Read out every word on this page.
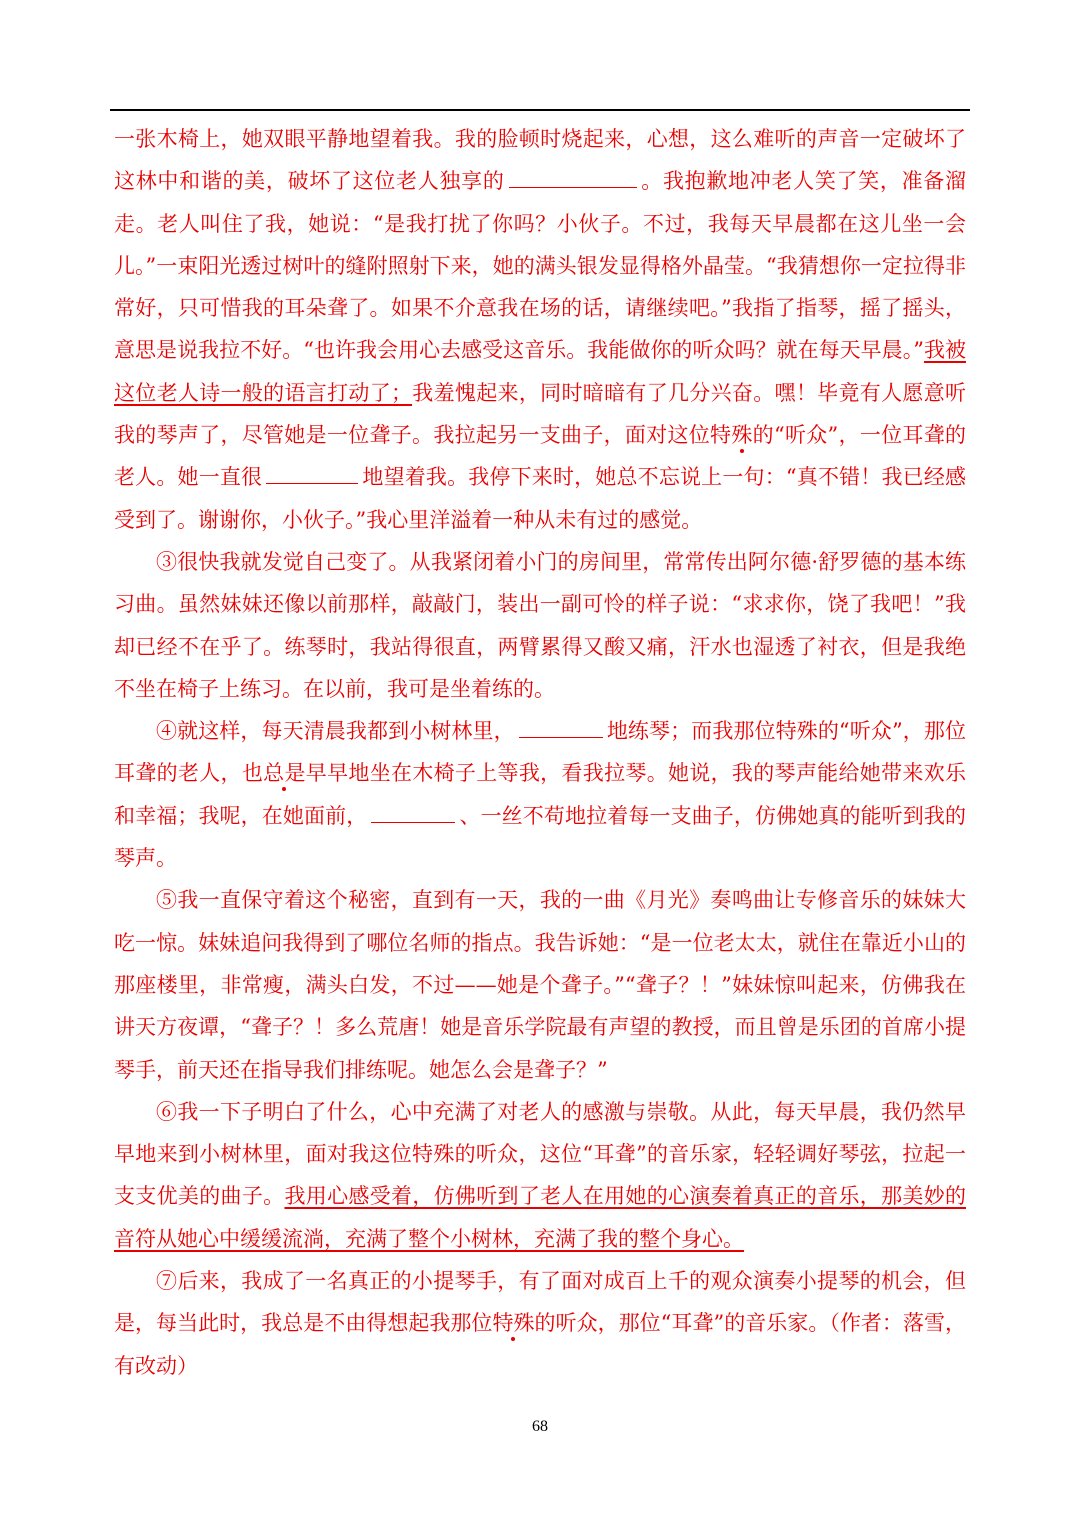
一张木椅上，她双眼平静地望着我。我的脸顿时烧起来，心想，这么难听的声音一定破坏了这林中和谐的美，破坏了这位老人独享的	。我抱歉地冲老人笑了笑，准备溜走。老人叫住了我，她说：“是我打扰了你吗？小伙子。不过，我每天早晨都在这儿坐一会儿。”一束阳光透过树叶的缝附照射下来，她的满头银发显得格外晶莹。“我猜想你一定拉得非常好，只可惜我的耳朵聋了。如果不介意我在场的话，请继续吧。”我指了指琴，摇了摇头，意思是说我拉不好。“也许我会用心去感受这音乐。我能做你的听众吗？就在每天早晨。”我被这位老人诗一般的语言打动了；我羞愧起来，同时暗暗有了几分兴奋。嘿！毕竟有人愿意听我的琴声了，尽管她是一位聋子。我拉起另一支曲子，面对这位特殊的“听众”，一位耳聋的老人。她一直很	地望着我。我停下来时，她总不忘说上一句：“真不错！我已经感受到了。谢谢你，小伙子。”我心里洋溢着一种从未有过的感觉。

③很快我就发觉自己变了。从我紧闭着小门的房间里，常常传出阿尔德·舒罗德的基本练习曲。虽然妹妹还像以前那样，敲敲门，装出一副可怜的样子说：“求求你，饶了我吧！”我却已经不在乎了。练琴时，我站得很直，两臂累得又酸又痛，汗水也湿透了衬衣，但是我绝不坐在椅子上练习。在以前，我可是坐着练的。

④就这样，每天清晨我都到小树林里，	地练琴；而我那位特殊的“听众”，那位耳聋的老人，也总是早早地坐在木椅子上等我，看我拉琴。她说，我的琴声能给她带来欢乐和幸福；我呢，在她面前，	、一丝不苟地拉着每一支曲子，仿佛她真的能听到我的琴声。

⑤我一直保守着这个秘密，直到有一天，我的一曲《月光》奏鸣曲让专修音乐的妹妹大吃一惊。妹妹追问我得到了哪位名师的指点。我告诉她：“是一位老太太，就住在靠近小山的那座楼里，非常瘦，满头白发，不过——她是个聋子。”“聋子？！”妹妹惊叫起来，仿佛我在讲天方夜谭，“聋子？！多么荒唐！她是音乐学院最有声望的教授，而且曾是乐团的首席小提琴手，前天还在指导我们排练呢。她怎么会是聋子？”

⑥我一下子明白了什么，心中充满了对老人的感激与崇敬。从此，每天早晨，我仍然早早地来到小树林里，面对我这位特殊的听众，这位“耳聋”的音乐家，轻轻调好琴弦，拉起一支支优美的曲子。我用心感受着，仿佛听到了老人在用她的心演奏着真正的音乐，那美妙的音符从她心中缓缓流淌，充满了整个小树林，充满了我的整个身心。

⑦后来，我成了一名真正的小提琴手，有了面对成百上千的观众演奏小提琴的机会，但是，每当此时，我总是不由得想起我那位特殊的听众，那位“耳聋”的音乐家。（作者：落雪，有改动）

68
